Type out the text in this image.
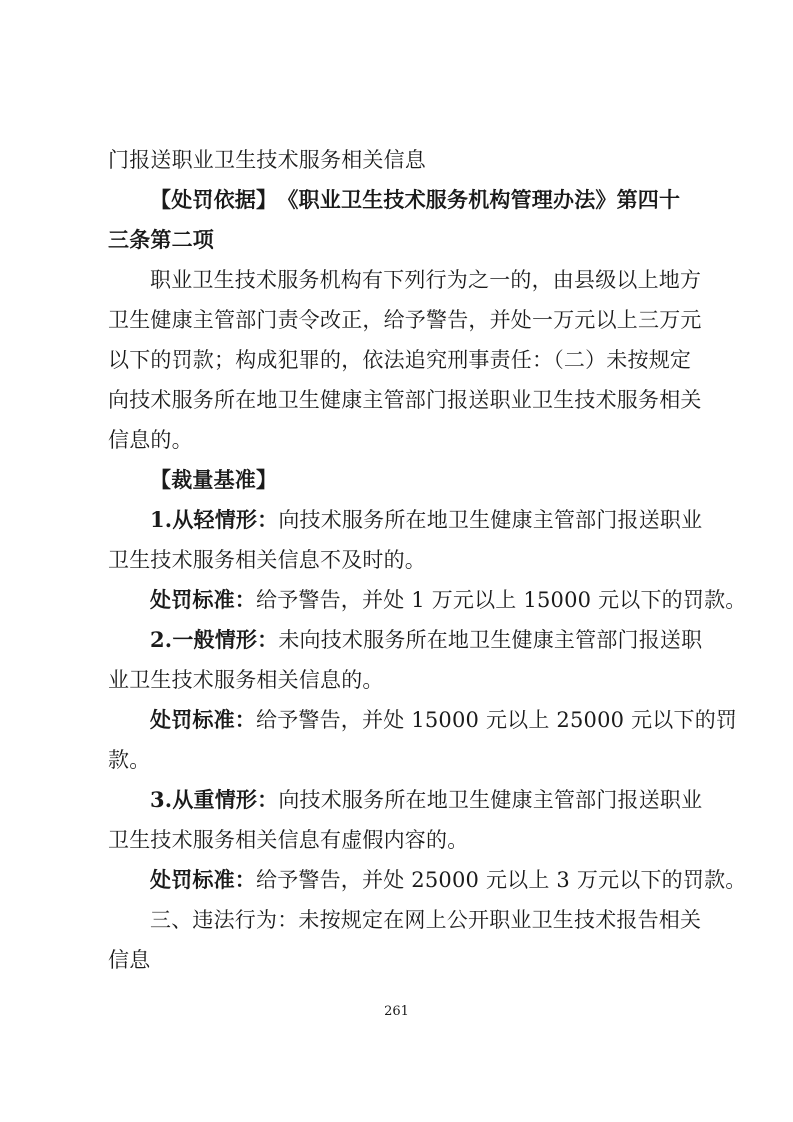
门报送职业卫生技术服务相关信息
【处罚依据】　《职业卫生技术服务机构管理办法》第四十
三条第二项
职业卫生技术服务机构有下列行为之一的，由县级以上地方
卫生健康主管部门责令改正，给予警告，并处一万元以上三万元
以下的罚款；构成犯罪的，依法追究刑事责任：（二）未按规定
向技术服务所在地卫生健康主管部门报送职业卫生技术服务相关
信息的。
【裁量基准】
1.从轻情形：向技术服务所在地卫生健康主管部门报送职业
卫生技术服务相关信息不及时的。
处罚标准：给予警告，并处 1 万元以上 15000 元以下的罚款。
2.一般情形：未向技术服务所在地卫生健康主管部门报送职
业卫生技术服务相关信息的。
处罚标准：给予警告，并处 15000 元以上 25000 元以下的罚
款。
3.从重情形：向技术服务所在地卫生健康主管部门报送职业
卫生技术服务相关信息有虚假内容的。
处罚标准：给予警告，并处 25000 元以上 3 万元以下的罚款。
三、违法行为：未按规定在网上公开职业卫生技术报告相关
信息
261
